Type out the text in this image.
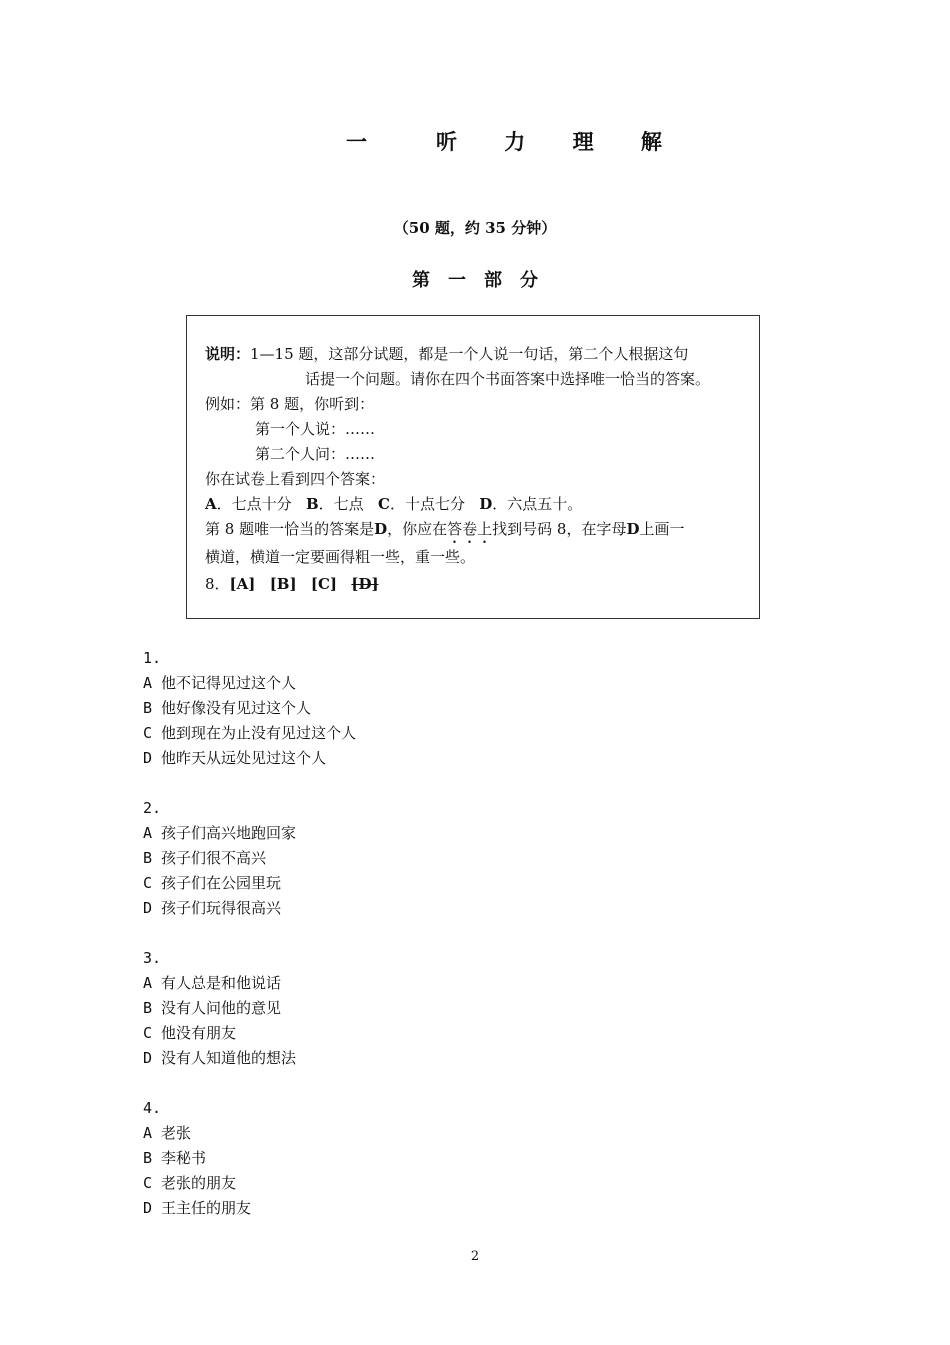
一	听 力 理 解
（50 题，约 35 分钟）
第一部分
说明：1—15 题，这部分试题，都是一个人说一句话，第二个人根据这句
话提一个问题。请你在四个书面答案中选择唯一恰当的答案。
例如：第 8 题，你听到：
第一个人说：……
第二个人问：……
你在试卷上看到四个答案：
A．七点十分 B．七点 C．十点七分 D．六点五十。
第 8 题唯一恰当的答案是D，你应在答卷上找到号码 8，在字母D上画一
横道，横道一定要画得粗一些，重一些。
8．[A] [B] [C] [D]
1.
A 他不记得见过这个人
B 他好像没有见过这个人
C 他到现在为止没有见过这个人
D 他昨天从远处见过这个人
2.
A 孩子们高兴地跑回家
B 孩子们很不高兴
C 孩子们在公园里玩
D 孩子们玩得很高兴
3.
A 有人总是和他说话
B 没有人问他的意见
C 他没有朋友
D 没有人知道他的想法
4.
A 老张
B 李秘书
C 老张的朋友
D 王主任的朋友
2
